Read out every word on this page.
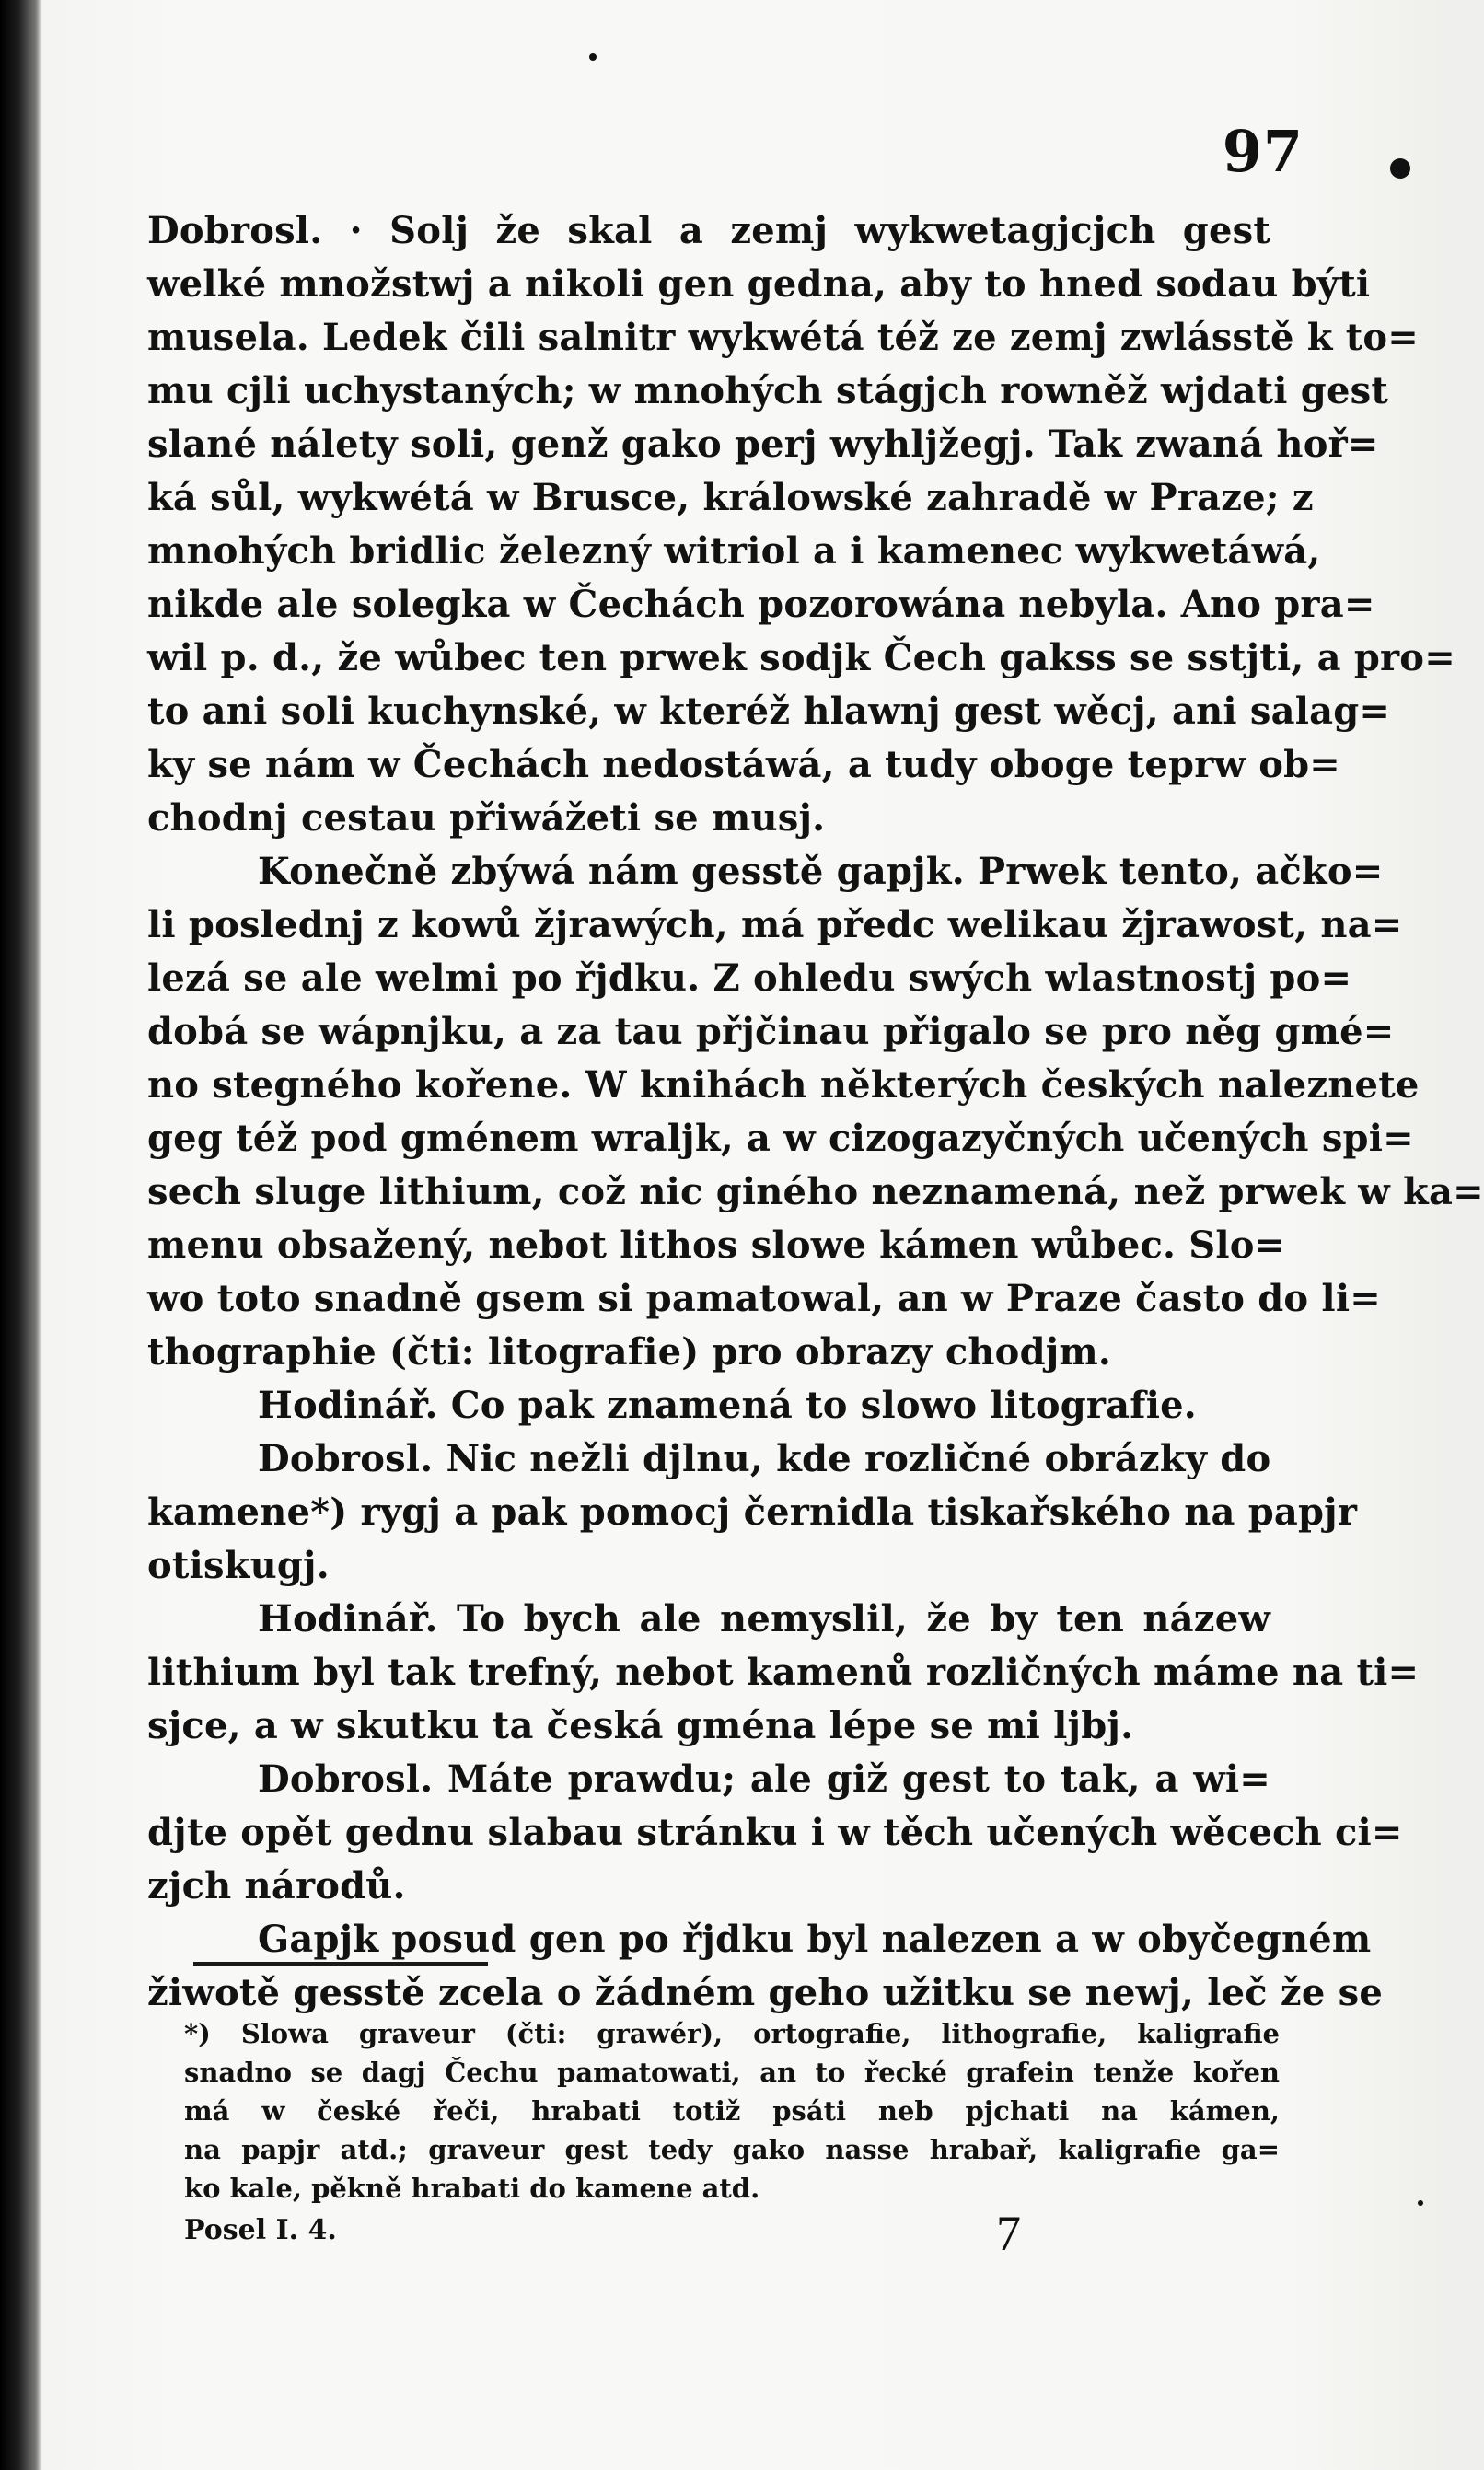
97
Dobrosl. · Solj že skal a zemj wykwetagjcjch gest
welké množstwj a nikoli gen gedna, aby to hned sodau býti
musela. Ledek čili salnitr wykwétá též ze zemj zwlásstě k to=
mu cjli uchystaných; w mnohých stágjch rowněž wjdati gest
slané nálety soli, genž gako perj wyhljžegj. Tak zwaná hoř=
ká sůl, wykwétá w Brusce, králowské zahradě w Praze; z
mnohých bridlic železný witriol a i kamenec wykwetáwá,
nikde ale solegka w Čechách pozorowána nebyla. Ano pra=
wil p. d., že wůbec ten prwek sodjk Čech gakss se sstjti, a pro=
to ani soli kuchynské, w kteréž hlawnj gest wěcj, ani salag=
ky se nám w Čechách nedostáwá, a tudy oboge teprw ob=
chodnj cestau přiwážeti se musj.
Konečně zbýwá nám gesstě gapjk. Prwek tento, ačko=
li poslednj z kowů žjrawých, má předc welikau žjrawost, na=
lezá se ale welmi po řjdku. Z ohledu swých wlastnostj po=
dobá se wápnjku, a za tau přjčinau přigalo se pro něg gmé=
no stegného kořene. W knihách některých českých naleznete
geg též pod gménem wraljk, a w cizogazyčných učených spi=
sech sluge lithium, což nic giného neznamená, než prwek w ka=
menu obsažený, nebot lithos slowe kámen wůbec. Slo=
wo toto snadně gsem si pamatowal, an w Praze často do li=
thographie (čti: litografie) pro obrazy chodjm.
Hodinář. Co pak znamená to slowo litografie.
Dobrosl. Nic nežli djlnu, kde rozličné obrázky do
kamene*) rygj a pak pomocj černidla tiskařského na papjr
otiskugj.
Hodinář. To bych ale nemyslil, že by ten názew
lithium byl tak trefný, nebot kamenů rozličných máme na ti=
sjce, a w skutku ta česká gména lépe se mi ljbj.
Dobrosl. Máte prawdu; ale giž gest to tak, a wi=
djte opět gednu slabau stránku i w těch učených wěcech ci=
zjch národů.
Gapjk posud gen po řjdku byl nalezen a w obyčegném
žiwotě gesstě zcela o žádném geho užitku se newj, leč že se
*) Slowa graveur (čti: grawér), ortografie, lithografie, kaligrafie
snadno se dagj Čechu pamatowati, an to řecké grafein tenže kořen
má w české řeči, hrabati totiž psáti neb pjchati na kámen,
na papjr atd.; graveur gest tedy gako nasse hrabař, kaligrafie ga=
ko kale, pěkně hrabati do kamene atd.
Posel I. 4.	7
